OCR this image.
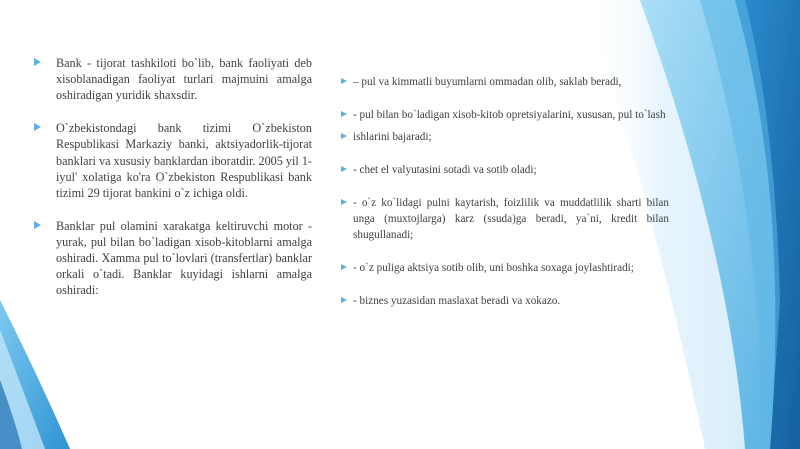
Bank - tijorat tashkiloti bo`lib, bank faoliyati deb xisoblanadigan faoliyat turlari majmuini amalga oshiradigan yuridik shaxsdir.
O`zbekistondagi bank tizimi O`zbekiston Respublikasi Markaziy banki, aktsiyadorlik-tijorat banklari va xususiy banklardan iboratdir. 2005 yil 1-iyul' xolatiga ko'ra O`zbekiston Respublikasi bank tizimi 29 tijorat bankini o`z ichiga oldi.
Banklar pul olamini xarakatga keltiruvchi motor - yurak, pul bilan bo`ladigan xisob-kitoblarni amalga oshiradi. Xamma pul to`lovlari (transfertlar) banklar orkali o`tadi. Banklar kuyidagi ishlarni amalga oshiradi:
– pul va kimmatli buyumlarni ommadan olib, saklab beradi,
- pul bilan bo`ladigan xisob-kitob opretsiyalarini, xususan, pul to`lash
ishlarini bajaradi;
- chet el valyutasini sotadi va sotib oladi;
- o`z ko`lidagi pulni kaytarish, foizlilik va muddatlilik sharti bilan unga (muxtojlarga) karz (ssuda)ga beradi, ya`ni, kredit bilan shugullanadi;
- o`z puliga aktsiya sotib olib, uni boshka soxaga joylashtiradi;
- biznes yuzasidan maslaxat beradi va xokazo.
